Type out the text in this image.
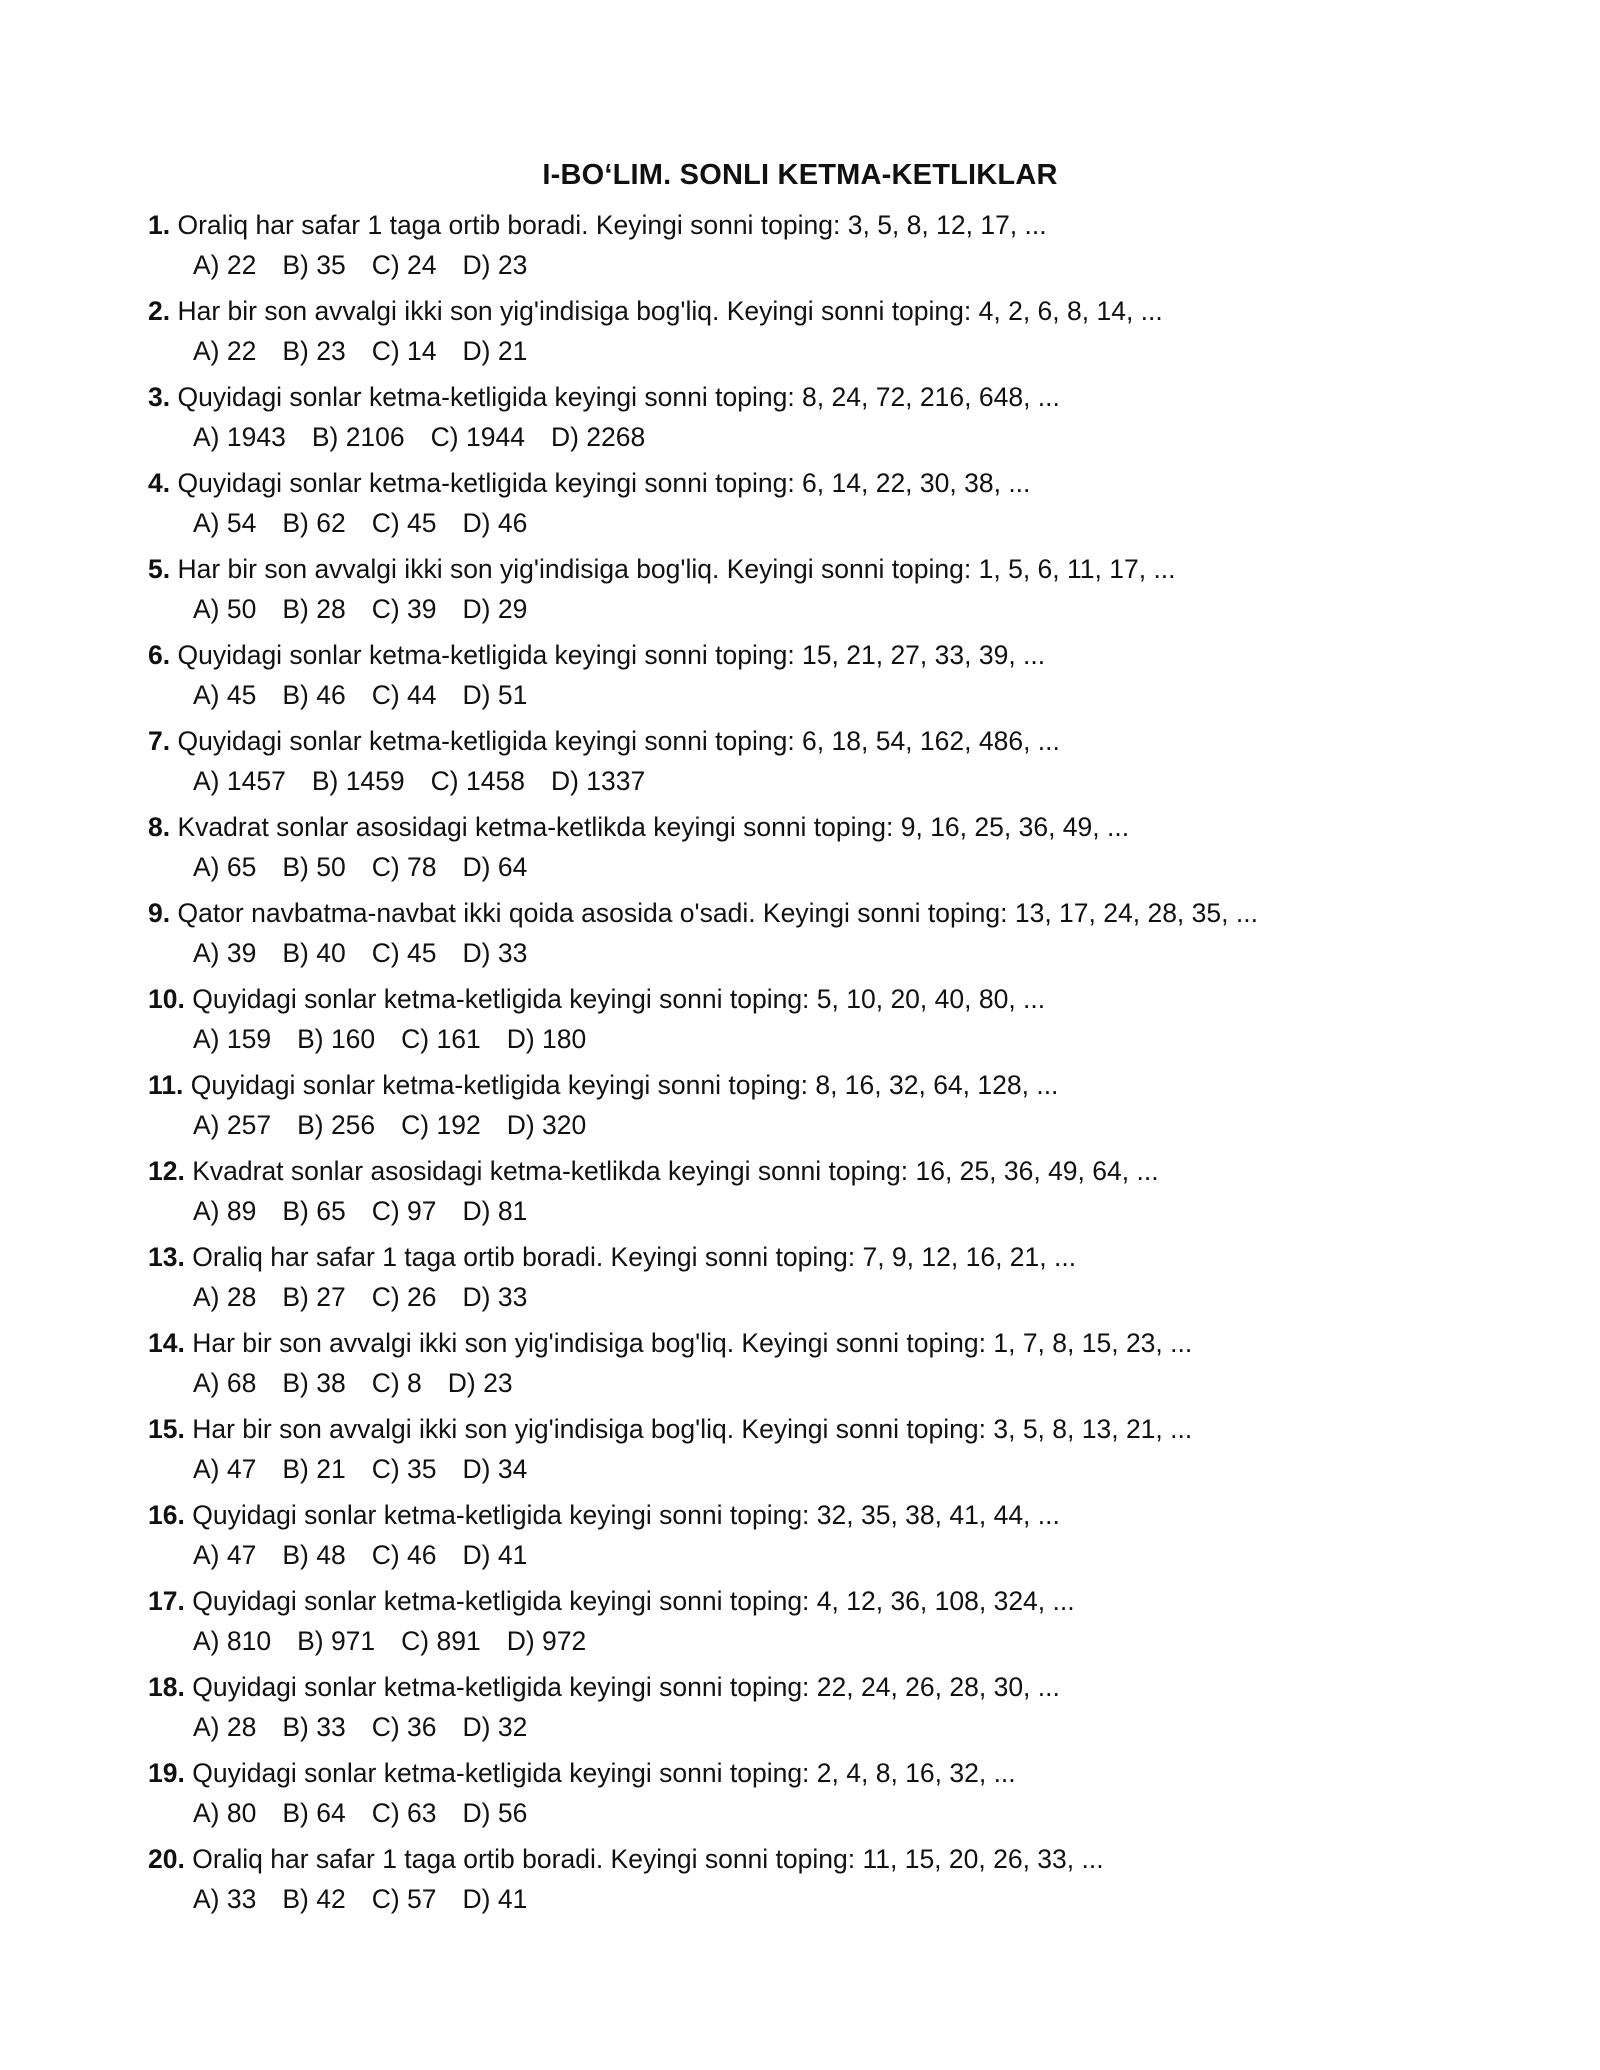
I-BO‘LIM. SONLI KETMA-KETLIKLAR
1. Oraliq har safar 1 taga ortib boradi. Keyingi sonni toping: 3, 5, 8, 12, 17, ...
A) 22 B) 35 C) 24 D) 23
2. Har bir son avvalgi ikki son yig'indisiga bog'liq. Keyingi sonni toping: 4, 2, 6, 8, 14, ...
A) 22 B) 23 C) 14 D) 21
3. Quyidagi sonlar ketma-ketligida keyingi sonni toping: 8, 24, 72, 216, 648, ...
A) 1943 B) 2106 C) 1944 D) 2268
4. Quyidagi sonlar ketma-ketligida keyingi sonni toping: 6, 14, 22, 30, 38, ...
A) 54 B) 62 C) 45 D) 46
5. Har bir son avvalgi ikki son yig'indisiga bog'liq. Keyingi sonni toping: 1, 5, 6, 11, 17, ...
A) 50 B) 28 C) 39 D) 29
6. Quyidagi sonlar ketma-ketligida keyingi sonni toping: 15, 21, 27, 33, 39, ...
A) 45 B) 46 C) 44 D) 51
7. Quyidagi sonlar ketma-ketligida keyingi sonni toping: 6, 18, 54, 162, 486, ...
A) 1457 B) 1459 C) 1458 D) 1337
8. Kvadrat sonlar asosidagi ketma-ketlikda keyingi sonni toping: 9, 16, 25, 36, 49, ...
A) 65 B) 50 C) 78 D) 64
9. Qator navbatma-navbat ikki qoida asosida o'sadi. Keyingi sonni toping: 13, 17, 24, 28, 35, ...
A) 39 B) 40 C) 45 D) 33
10. Quyidagi sonlar ketma-ketligida keyingi sonni toping: 5, 10, 20, 40, 80, ...
A) 159 B) 160 C) 161 D) 180
11. Quyidagi sonlar ketma-ketligida keyingi sonni toping: 8, 16, 32, 64, 128, ...
A) 257 B) 256 C) 192 D) 320
12. Kvadrat sonlar asosidagi ketma-ketlikda keyingi sonni toping: 16, 25, 36, 49, 64, ...
A) 89 B) 65 C) 97 D) 81
13. Oraliq har safar 1 taga ortib boradi. Keyingi sonni toping: 7, 9, 12, 16, 21, ...
A) 28 B) 27 C) 26 D) 33
14. Har bir son avvalgi ikki son yig'indisiga bog'liq. Keyingi sonni toping: 1, 7, 8, 15, 23, ...
A) 68 B) 38 C) 8 D) 23
15. Har bir son avvalgi ikki son yig'indisiga bog'liq. Keyingi sonni toping: 3, 5, 8, 13, 21, ...
A) 47 B) 21 C) 35 D) 34
16. Quyidagi sonlar ketma-ketligida keyingi sonni toping: 32, 35, 38, 41, 44, ...
A) 47 B) 48 C) 46 D) 41
17. Quyidagi sonlar ketma-ketligida keyingi sonni toping: 4, 12, 36, 108, 324, ...
A) 810 B) 971 C) 891 D) 972
18. Quyidagi sonlar ketma-ketligida keyingi sonni toping: 22, 24, 26, 28, 30, ...
A) 28 B) 33 C) 36 D) 32
19. Quyidagi sonlar ketma-ketligida keyingi sonni toping: 2, 4, 8, 16, 32, ...
A) 80 B) 64 C) 63 D) 56
20. Oraliq har safar 1 taga ortib boradi. Keyingi sonni toping: 11, 15, 20, 26, 33, ...
A) 33 B) 42 C) 57 D) 41
